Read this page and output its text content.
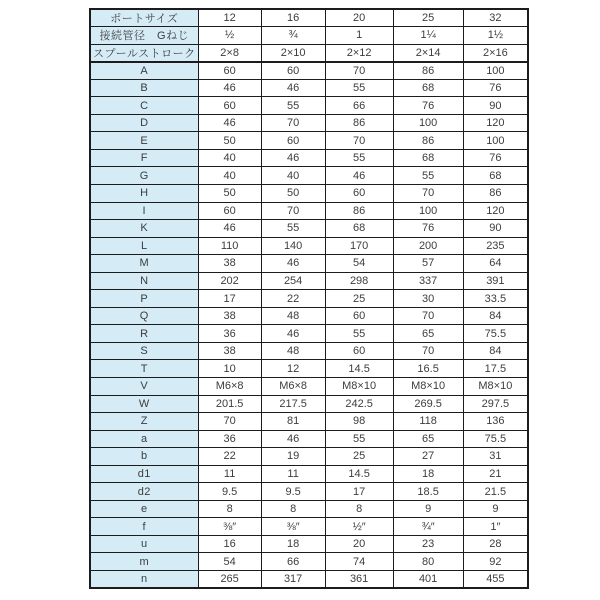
ポートサイズ	12	16	20	25	32
接続管径　Gねじ	½	¾	1	1¼	1½
スプールストローク	2×8	2×10	2×12	2×14	2×16
A	60	60	70	86	100
B	46	46	55	68	76
C	60	55	66	76	90
D	46	70	86	100	120
E	50	60	70	86	100
F	40	46	55	68	76
G	40	40	46	55	68
H	50	50	60	70	86
I	60	70	86	100	120
K	46	55	68	76	90
L	110	140	170	200	235
M	38	46	54	57	64
N	202	254	298	337	391
P	17	22	25	30	33.5
Q	38	48	60	70	84
R	36	46	55	65	75.5
S	38	48	60	70	84
T	10	12	14.5	16.5	17.5
V	M6×8	M6×8	M8×10	M8×10	M8×10
W	201.5	217.5	242.5	269.5	297.5
Z	70	81	98	118	136
a	36	46	55	65	75.5
b	22	19	25	27	31
d1	11	11	14.5	18	21
d2	9.5	9.5	17	18.5	21.5
e	8	8	8	9	9
f	⅜″	⅜″	½″	¾″	1″
u	16	18	20	23	28
m	54	66	74	80	92
n	265	317	361	401	455
